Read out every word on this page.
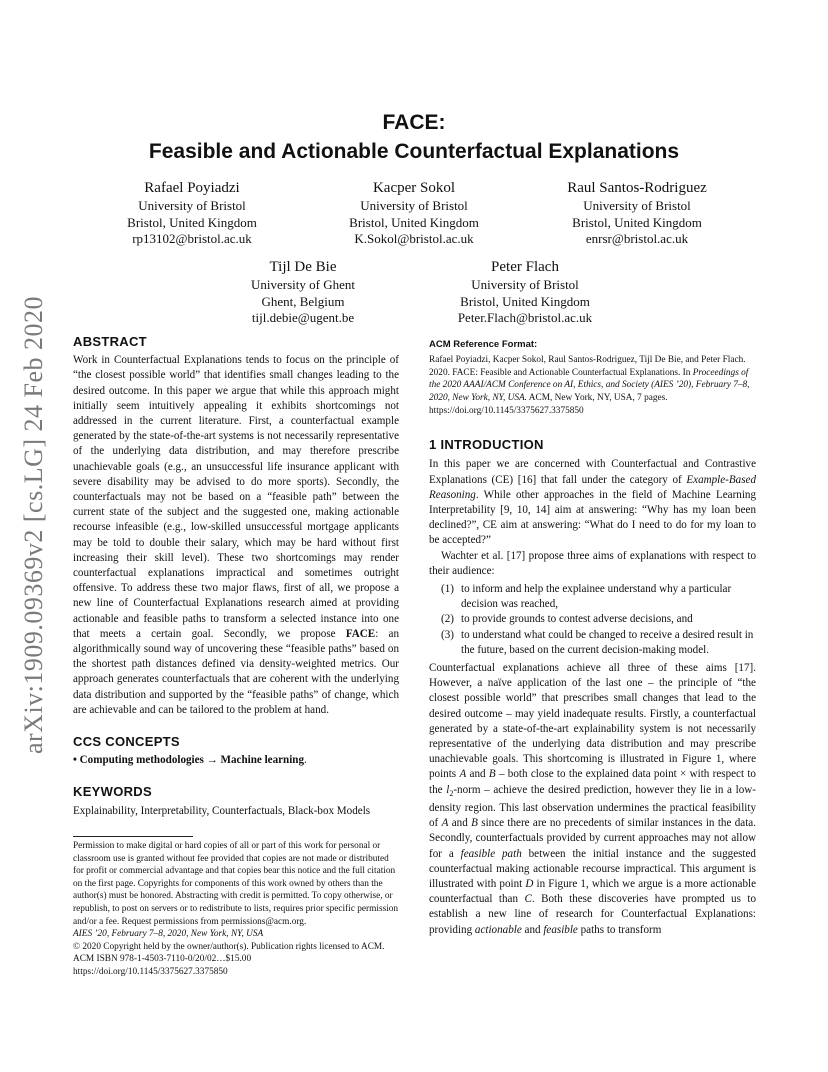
arXiv:1909.09369v2 [cs.LG] 24 Feb 2020
FACE:
Feasible and Actionable Counterfactual Explanations
Rafael Poyiadzi
University of Bristol
Bristol, United Kingdom
rp13102@bristol.ac.uk
Kacper Sokol
University of Bristol
Bristol, United Kingdom
K.Sokol@bristol.ac.uk
Raul Santos-Rodriguez
University of Bristol
Bristol, United Kingdom
enrsr@bristol.ac.uk
Tijl De Bie
University of Ghent
Ghent, Belgium
tijl.debie@ugent.be
Peter Flach
University of Bristol
Bristol, United Kingdom
Peter.Flach@bristol.ac.uk
ABSTRACT

Work in Counterfactual Explanations tends to focus on the principle of “the closest possible world” that identifies small changes leading to the desired outcome. In this paper we argue that while this approach might initially seem intuitively appealing it exhibits shortcomings not addressed in the current literature. First, a counterfactual example generated by the state-of-the-art systems is not necessarily representative of the underlying data distribution, and may therefore prescribe unachievable goals (e.g., an unsuccessful life insurance applicant with severe disability may be advised to do more sports). Secondly, the counterfactuals may not be based on a “feasible path” between the current state of the subject and the suggested one, making actionable recourse infeasible (e.g., low-skilled unsuccessful mortgage applicants may be told to double their salary, which may be hard without first increasing their skill level). These two shortcomings may render counterfactual explanations impractical and sometimes outright offensive. To address these two major flaws, first of all, we propose a new line of Counterfactual Explanations research aimed at providing actionable and feasible paths to transform a selected instance into one that meets a certain goal. Secondly, we propose FACE: an algorithmically sound way of uncovering these “feasible paths” based on the shortest path distances defined via density-weighted metrics. Our approach generates counterfactuals that are coherent with the underlying data distribution and supported by the “feasible paths” of change, which are achievable and can be tailored to the problem at hand.

CCS CONCEPTS

• Computing methodologies → Machine learning.

KEYWORDS

Explainability, Interpretability, Counterfactuals, Black-box Models

Permission to make digital or hard copies of all or part of this work for personal or classroom use is granted without fee provided that copies are not made or distributed for profit or commercial advantage and that copies bear this notice and the full citation on the first page. Copyrights for components of this work owned by others than the author(s) must be honored. Abstracting with credit is permitted. To copy otherwise, or republish, to post on servers or to redistribute to lists, requires prior specific permission and/or a fee. Request permissions from permissions@acm.org.

AIES ’20, February 7–8, 2020, New York, NY, USA

© 2020 Copyright held by the owner/author(s). Publication rights licensed to ACM.

ACM ISBN 978-1-4503-7110-0/20/02…$15.00

https://doi.org/10.1145/3375627.3375850

ACM Reference Format:

Rafael Poyiadzi, Kacper Sokol, Raul Santos-Rodriguez, Tijl De Bie, and Peter Flach. 2020. FACE: Feasible and Actionable Counterfactual Explanations. In Proceedings of the 2020 AAAI/ACM Conference on AI, Ethics, and Society (AIES ’20), February 7–8, 2020, New York, NY, USA. ACM, New York, NY, USA, 7 pages. https://doi.org/10.1145/3375627.3375850

1 INTRODUCTION

In this paper we are concerned with Counterfactual and Contrastive Explanations (CE) [16] that fall under the category of Example-Based Reasoning. While other approaches in the field of Machine Learning Interpretability [9, 10, 14] aim at answering: “Why has my loan been declined?”, CE aim at answering: “What do I need to do for my loan to be accepted?”

Wachter et al. [17] propose three aims of explanations with respect to their audience:

(1) to inform and help the explainee understand why a particular decision was reached,
(2) to provide grounds to contest adverse decisions, and
(3) to understand what could be changed to receive a desired result in the future, based on the current decision-making model.

Counterfactual explanations achieve all three of these aims [17]. However, a naïve application of the last one – the principle of “the closest possible world” that prescribes small changes that lead to the desired outcome – may yield inadequate results. Firstly, a counterfactual generated by a state-of-the-art explainability system is not necessarily representative of the underlying data distribution and may prescribe unachievable goals. This shortcoming is illustrated in Figure 1, where points A and B – both close to the explained data point × with respect to the $l_2$-norm – achieve the desired prediction, however they lie in a low-density region. This last observation undermines the practical feasibility of A and B since there are no precedents of similar instances in the data. Secondly, counterfactuals provided by current approaches may not allow for a feasible path between the initial instance and the suggested counterfactual making actionable recourse impractical. This argument is illustrated with point D in Figure 1, which we argue is a more actionable counterfactual than C. Both these discoveries have prompted us to establish a new line of research for Counterfactual Explanations: providing actionable and feasible paths to transform
